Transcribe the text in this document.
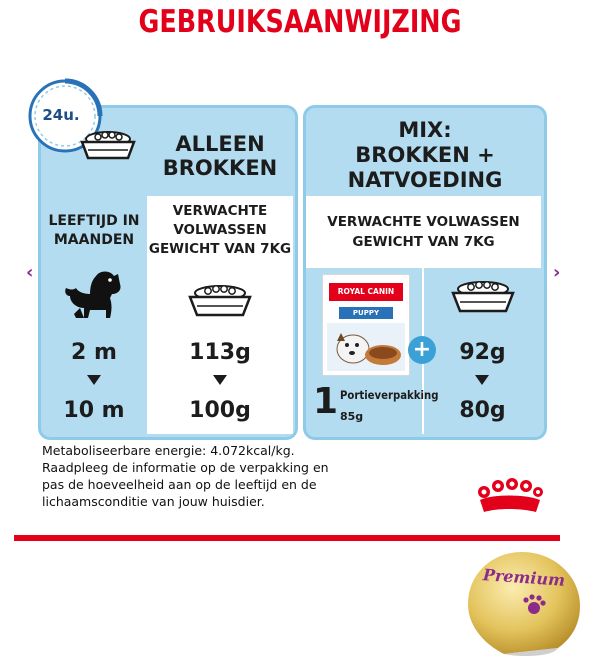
GEBRUIKSAANWIJZING
‹	›
24u.
ALLEEN
BROKKEN
LEEFTIJD IN
MAANDEN
VERWACHTE
VOLWASSEN
GEWICHT VAN 7KG
2 m
10 m
113g
100g
MIX:
BROKKEN +
NATVOEDING
VERWACHTE VOLWASSEN
GEWICHT VAN 7KG
ROYAL CANIN
PUPPY
+
1 Portieverpakking
85g
92g
80g
Metaboliseerbare energie: 4.072kcal/kg.
Raadpleeg de informatie op de verpakking en
pas de hoeveelheid aan op de leeftijd en de
lichaamsconditie van jouw huisdier.
Premium
